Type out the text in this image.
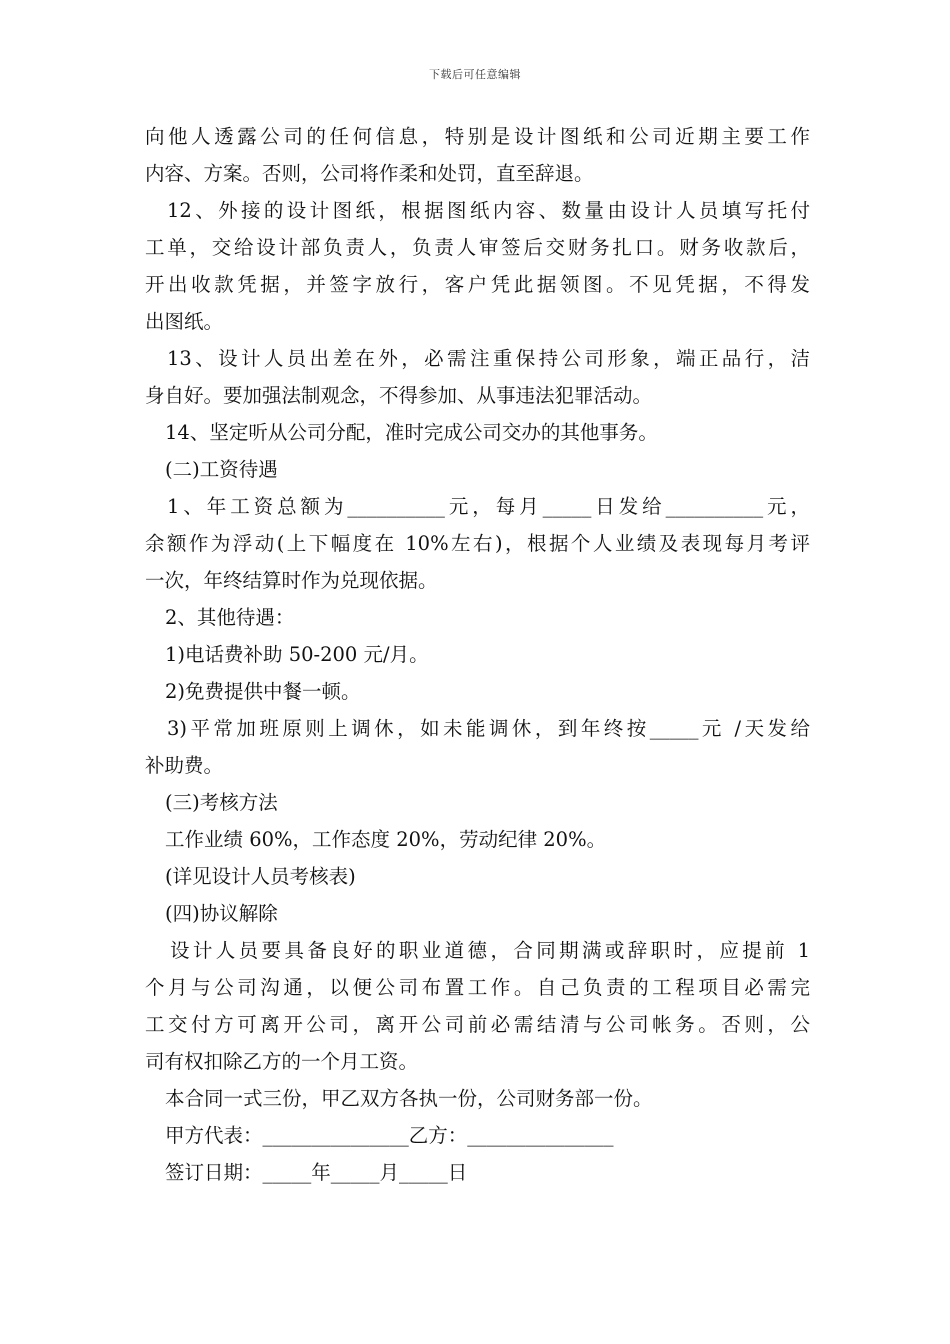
下载后可任意编辑
向他人透露公司的任何信息，特别是设计图纸和公司近期主要工作
内容、方案。否则，公司将作柔和处罚，直至辞退。
12、外接的设计图纸，根据图纸内容、数量由设计人员填写托付
工单，交给设计部负责人，负责人审签后交财务扎口。财务收款后，
开出收款凭据，并签字放行，客户凭此据领图。不见凭据，不得发
出图纸。
13、设计人员出差在外，必需注重保持公司形象，端正品行，洁
身自好。要加强法制观念，不得参加、从事违法犯罪活动。
14、坚定听从公司分配，准时完成公司交办的其他事务。
(二)工资待遇
1、年工资总额为__________元，每月_____日发给__________元，
余额作为浮动(上下幅度在 10%左右)，根据个人业绩及表现每月考评
一次，年终结算时作为兑现依据。
2、其他待遇：
1)电话费补助 50-200 元/月。
2)免费提供中餐一顿。
3)平常加班原则上调休，如未能调休，到年终按_____元 /天发给
补助费。
(三)考核方法
工作业绩 60%，工作态度 20%，劳动纪律 20%。
(详见设计人员考核表)
(四)协议解除
设计人员要具备良好的职业道德，合同期满或辞职时，应提前 1
个月与公司沟通，以便公司布置工作。自己负责的工程项目必需完
工交付方可离开公司，离开公司前必需结清与公司帐务。否则，公
司有权扣除乙方的一个月工资。
本合同一式三份，甲乙双方各执一份，公司财务部一份。
甲方代表：_______________乙方：_______________
签订日期：_____年_____月_____日
